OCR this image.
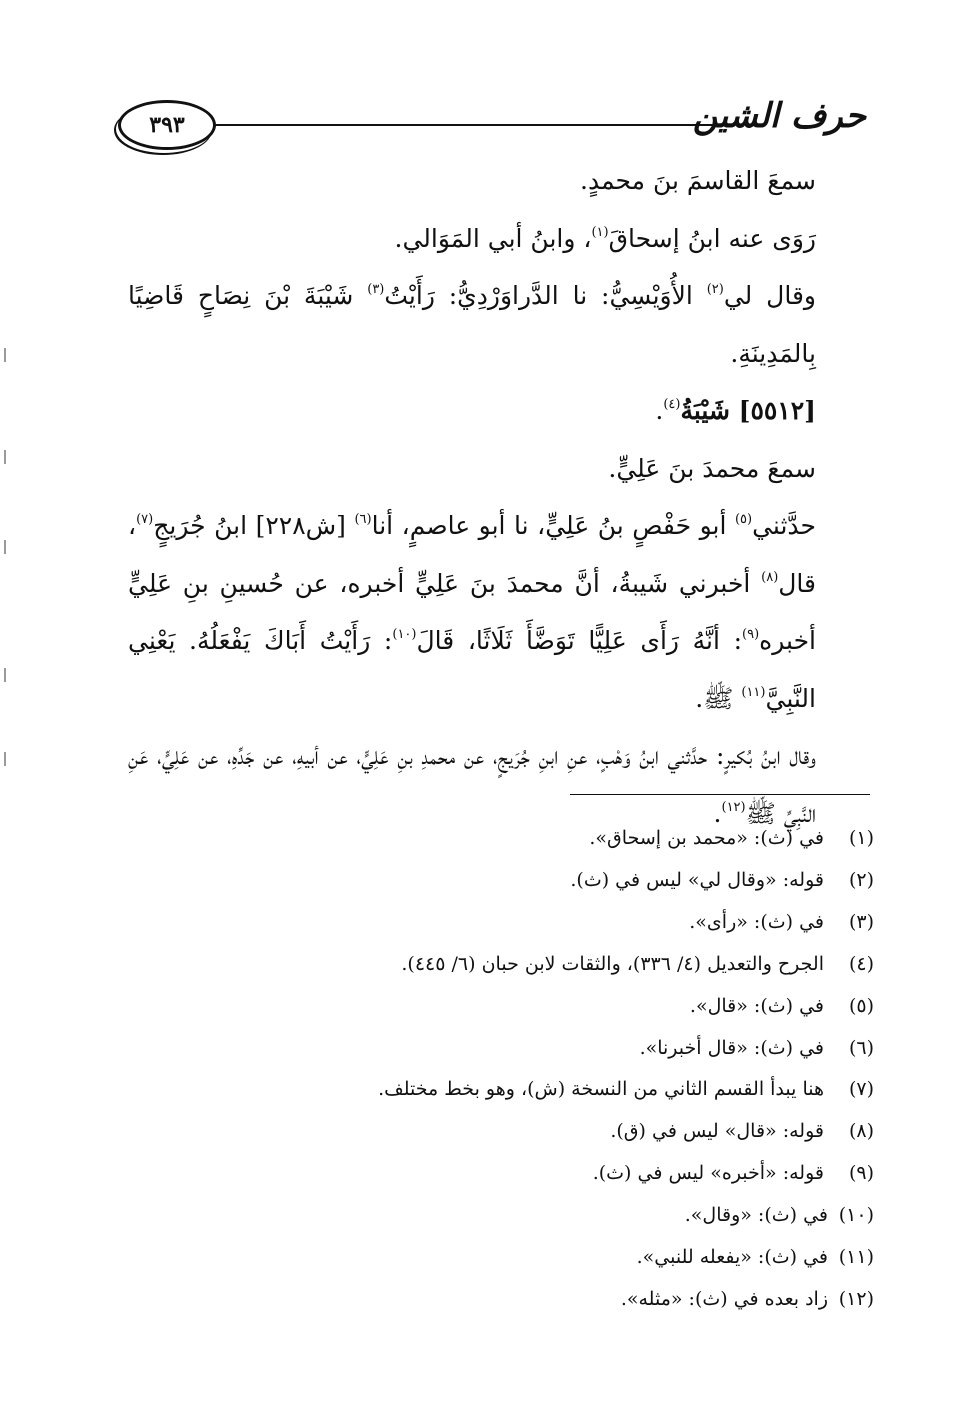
حرف الشين
٣٩٣

سمعَ القاسمَ بنَ محمدٍ.

رَوَى عنه ابنُ إسحاقَ$^{(١)}$، وابنُ أبي المَوَالي.

وقال لي$^{(٢)}$ الأُوَيْسِيُّ: نا الدَّراوَرْدِيُّ: رَأَيْتُ$^{(٣)}$ شَيْبَةَ بْنَ نِصَاحٍ قَاضِيًا بِالمَدِينَةِ.

[٥٥١٢] شَيْبَةُ$^{(٤)}$.

سمعَ محمدَ بنَ عَلِيٍّ.

حدَّثني$^{(٥)}$ أبو حَفْصٍ بنُ عَلِيٍّ، نا أبو عاصمٍ، أنا$^{(٦)}$ [ش٢٢٨] ابنُ جُرَيجٍ$^{(٧)}$، قال$^{(٨)}$ أخبرني شَيبةُ، أنَّ محمدَ بنَ عَلِيٍّ أخبره، عن حُسينِ بنِ عَلِيٍّ أخبره$^{(٩)}$: أنَّهُ رَأَى عَلِيًّا تَوَضَّأَ ثَلَاثًا، قَالَ$^{(١٠)}$: رَأَيْتُ أَبَاكَ يَفْعَلُهُ. يَعْنِي النَّبِيَّ$^{(١١)}$ ﷺ.

وقال ابنُ بُكيرٍ: حدَّثني ابنُ وَهْبٍ، عنِ ابنِ جُرَيجٍ، عن محمدِ بنِ عَلِيٍّ، عن أبيهِ، عن جَدِّهِ، عن عَلِيٍّ، عَنِ النَّبِيِّ ﷺ$^{(١٢)}$.

(١)
في (ث): «محمد بن إسحاق».
(٢)
قوله: «وقال لي» ليس في (ث).
(٣)
في (ث): «رأى».
(٤)
الجرح والتعديل (٤/ ٣٣٦)، والثقات لابن حبان (٦/ ٤٤٥).
(٥)
في (ث): «قال».
(٦)
في (ث): «قال أخبرنا».
(٧)
هنا يبدأ القسم الثاني من النسخة (ش)، وهو بخط مختلف.
(٨)
قوله: «قال» ليس في (ق).
(٩)
قوله: «أخبره» ليس في (ث).
(١٠)
في (ث): «وقال».
(١١)
في (ث): «يفعله للنبي».
(١٢)
زاد بعده في (ث): «مثله».
